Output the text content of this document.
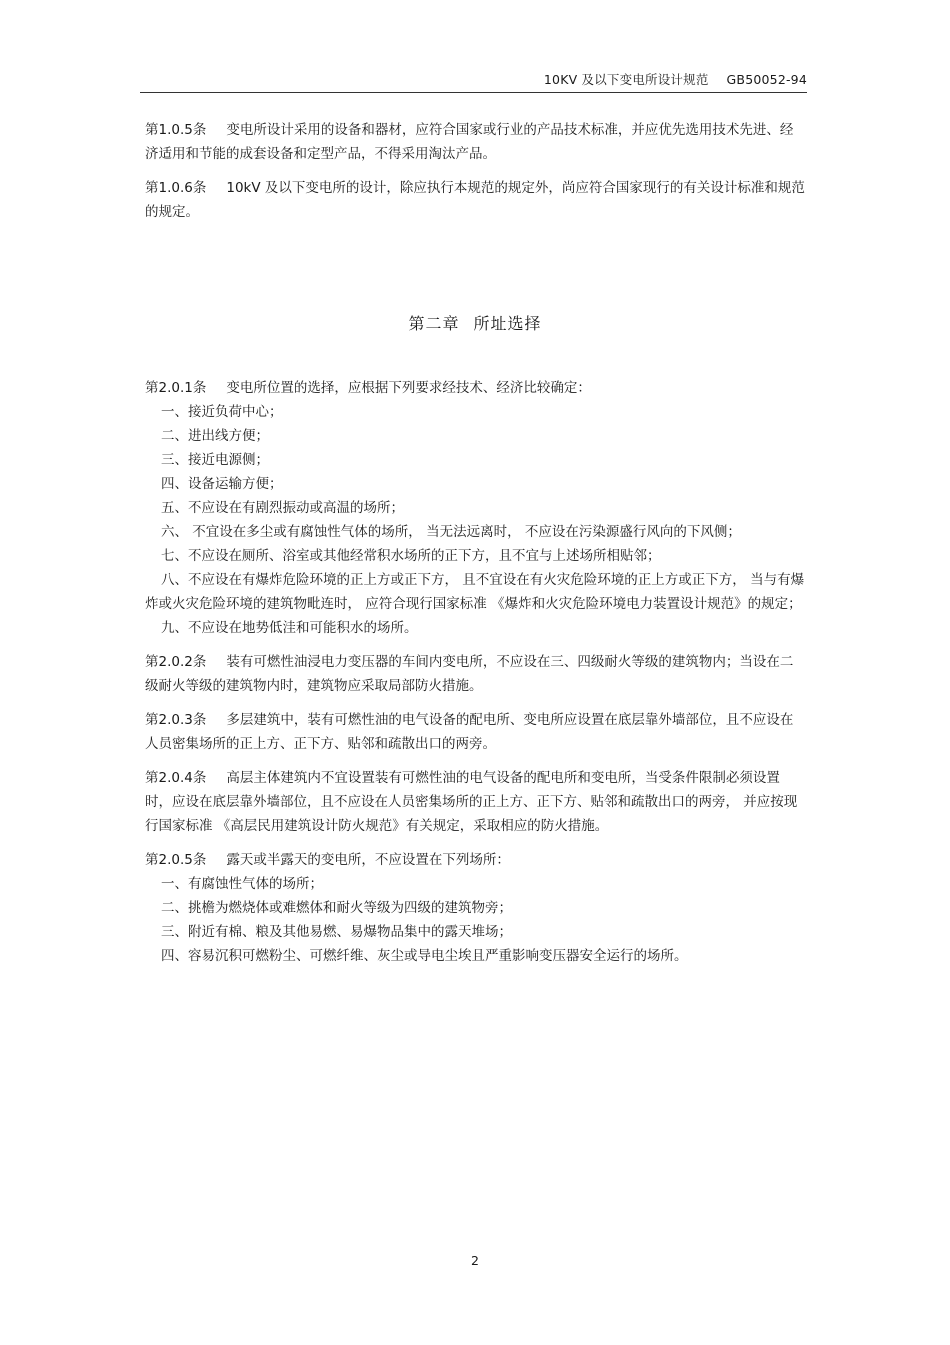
10KV 及以下变电所设计规范 GB50052-94

第1.0.5条 变电所设计采用的设备和器材，应符合国家或行业的产品技术标准，并应优先选用技术先进、经济适用和节能的成套设备和定型产品，不得采用淘汰产品。

第1.0.6条 10kV 及以下变电所的设计，除应执行本规范的规定外，尚应符合国家现行的有关设计标准和规范的规定。

第二章 所址选择

第2.0.1条 变电所位置的选择，应根据下列要求经技术、经济比较确定：

一、接近负荷中心；

二、进出线方便；

三、接近电源侧；

四、设备运输方便；

五、不应设在有剧烈振动或高温的场所；

六、 不宜设在多尘或有腐蚀性气体的场所， 当无法远离时， 不应设在污染源盛行风向的下风侧；

七、不应设在厕所、浴室或其他经常积水场所的正下方，且不宜与上述场所相贴邻；

八、不应设在有爆炸危险环境的正上方或正下方， 且不宜设在有火灾危险环境的正上方或正下方， 当与有爆炸或火灾危险环境的建筑物毗连时， 应符合现行国家标准 《爆炸和火灾危险环境电力装置设计规范》的规定；

九、不应设在地势低洼和可能积水的场所。

第2.0.2条 装有可燃性油浸电力变压器的车间内变电所，不应设在三、四级耐火等级的建筑物内；当设在二级耐火等级的建筑物内时，建筑物应采取局部防火措施。

第2.0.3条 多层建筑中，装有可燃性油的电气设备的配电所、变电所应设置在底层靠外墙部位，且不应设在人员密集场所的正上方、正下方、贴邻和疏散出口的两旁。

第2.0.4条 高层主体建筑内不宜设置装有可燃性油的电气设备的配电所和变电所，当受条件限制必须设置时，应设在底层靠外墙部位，且不应设在人员密集场所的正上方、正下方、贴邻和疏散出口的两旁， 并应按现行国家标准 《高层民用建筑设计防火规范》有关规定，采取相应的防火措施。

第2.0.5条 露天或半露天的变电所，不应设置在下列场所：

一、有腐蚀性气体的场所；

二、挑檐为燃烧体或难燃体和耐火等级为四级的建筑物旁；

三、附近有棉、粮及其他易燃、易爆物品集中的露天堆场；

四、容易沉积可燃粉尘、可燃纤维、灰尘或导电尘埃且严重影响变压器安全运行的场所。

2
